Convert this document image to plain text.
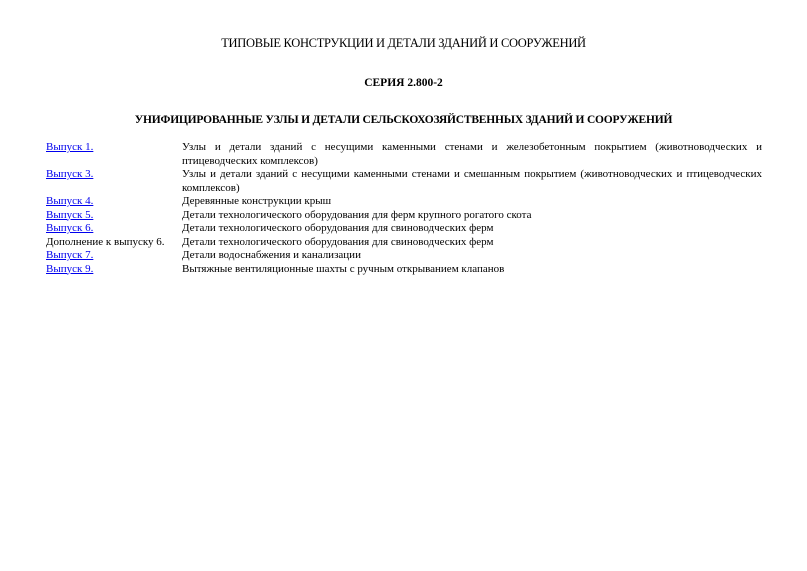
ТИПОВЫЕ КОНСТРУКЦИИ И ДЕТАЛИ ЗДАНИЙ И СООРУЖЕНИЙ
СЕРИЯ 2.800-2
УНИФИЦИРОВАННЫЕ УЗЛЫ И ДЕТАЛИ СЕЛЬСКОХОЗЯЙСТВЕННЫХ ЗДАНИЙ И СООРУЖЕНИЙ
Выпуск 1.	Узлы и детали зданий с несущими каменными стенами и железобетонным покрытием (животноводческих и птицеводческих комплексов)
Выпуск 3.	Узлы и детали зданий с несущими каменными стенами и смешанным покрытием (животноводческих и птицеводческих комплексов)
Выпуск 4.	Деревянные конструкции крыш
Выпуск 5.	Детали технологического оборудования для ферм крупного рогатого скота
Выпуск 6.	Детали технологического оборудования для свиноводческих ферм
Дополнение к выпуску 6.	Детали технологического оборудования для свиноводческих ферм
Выпуск 7.	Детали водоснабжения и канализации
Выпуск 9.	Вытяжные вентиляционные шахты с ручным открыванием клапанов
